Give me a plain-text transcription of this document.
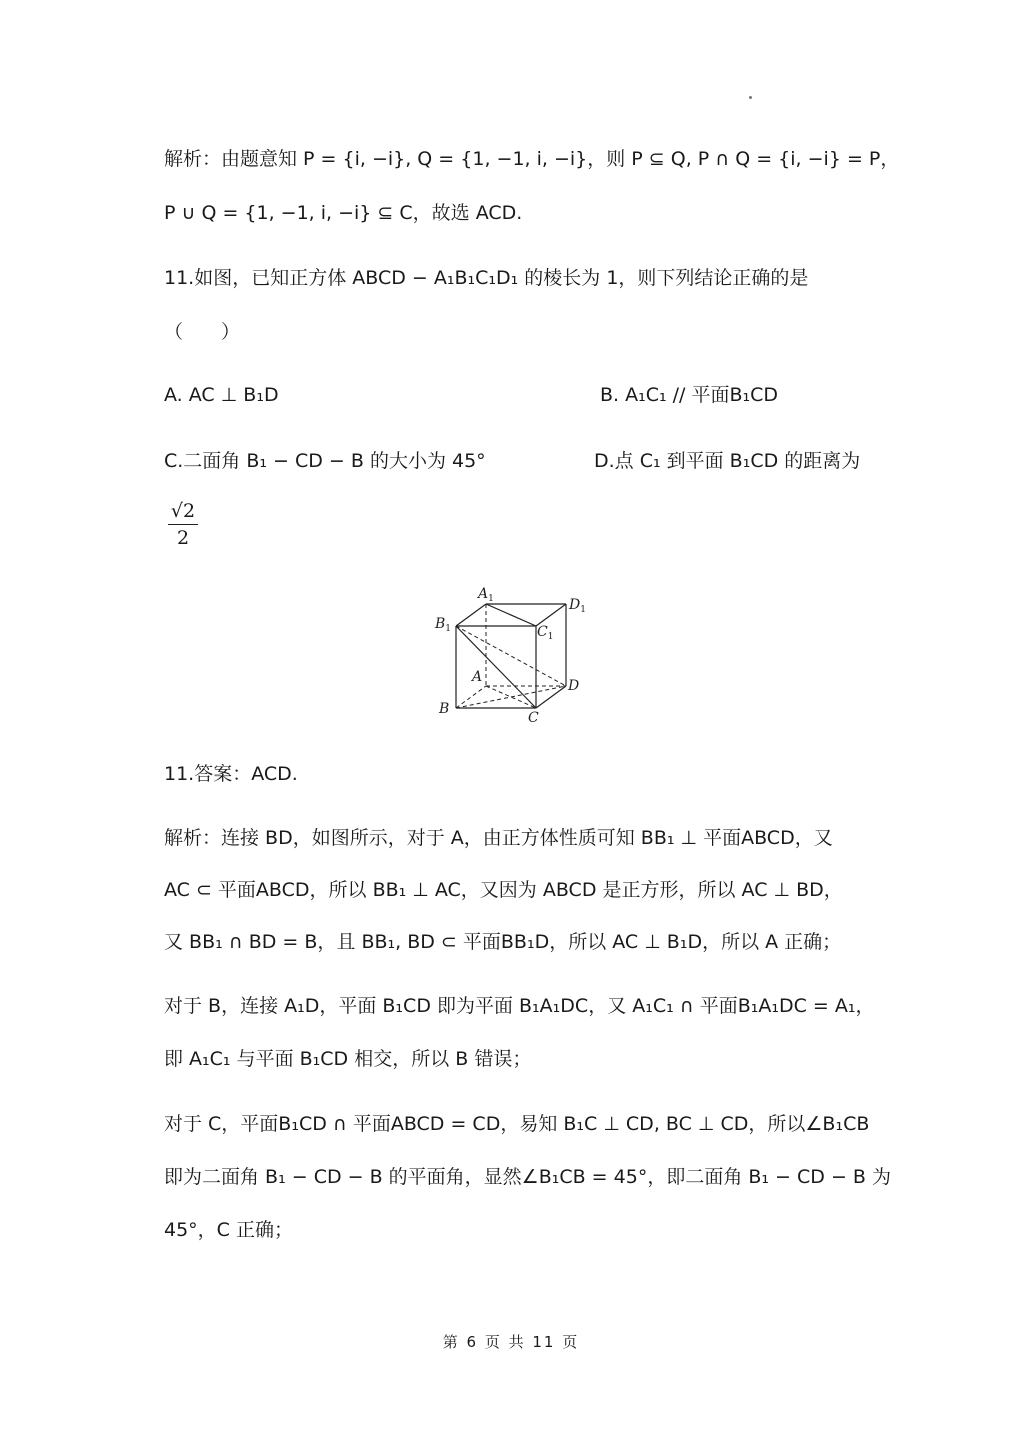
解析：由题意知 P = {i, −i}, Q = {1, −1, i, −i}，则 P ⊆ Q, P ∩ Q = {i, −i} = P，
P ∪ Q = {1, −1, i, −i} ⊆ C，故选 ACD.
11.如图，已知正方体 ABCD − A₁B₁C₁D₁ 的棱长为 1，则下列结论正确的是
（　　）
A. AC ⊥ B₁D	B. A₁C₁ // 平面B₁CD
C.二面角 B₁ − CD − B 的大小为 45°	D.点 C₁ 到平面 B₁CD 的距离为
$\frac{√2}{2}$
$A_1$	$D_1$
$B_1$	$C_1$
A
D
B
C
11.答案：ACD.
解析：连接 BD，如图所示，对于 A，由正方体性质可知 BB₁ ⊥ 平面ABCD，又
AC ⊂ 平面ABCD，所以 BB₁ ⊥ AC，又因为 ABCD 是正方形，所以 AC ⊥ BD，
又 BB₁ ∩ BD = B，且 BB₁, BD ⊂ 平面BB₁D，所以 AC ⊥ B₁D，所以 A 正确；
对于 B，连接 A₁D，平面 B₁CD 即为平面 B₁A₁DC，又 A₁C₁ ∩ 平面B₁A₁DC = A₁，
即 A₁C₁ 与平面 B₁CD 相交，所以 B 错误；
对于 C，平面B₁CD ∩ 平面ABCD = CD，易知 B₁C ⊥ CD, BC ⊥ CD，所以∠B₁CB
即为二面角 B₁ − CD − B 的平面角，显然∠B₁CB = 45°，即二面角 B₁ − CD − B 为
45°，C 正确；
第 6 页 共 11 页
